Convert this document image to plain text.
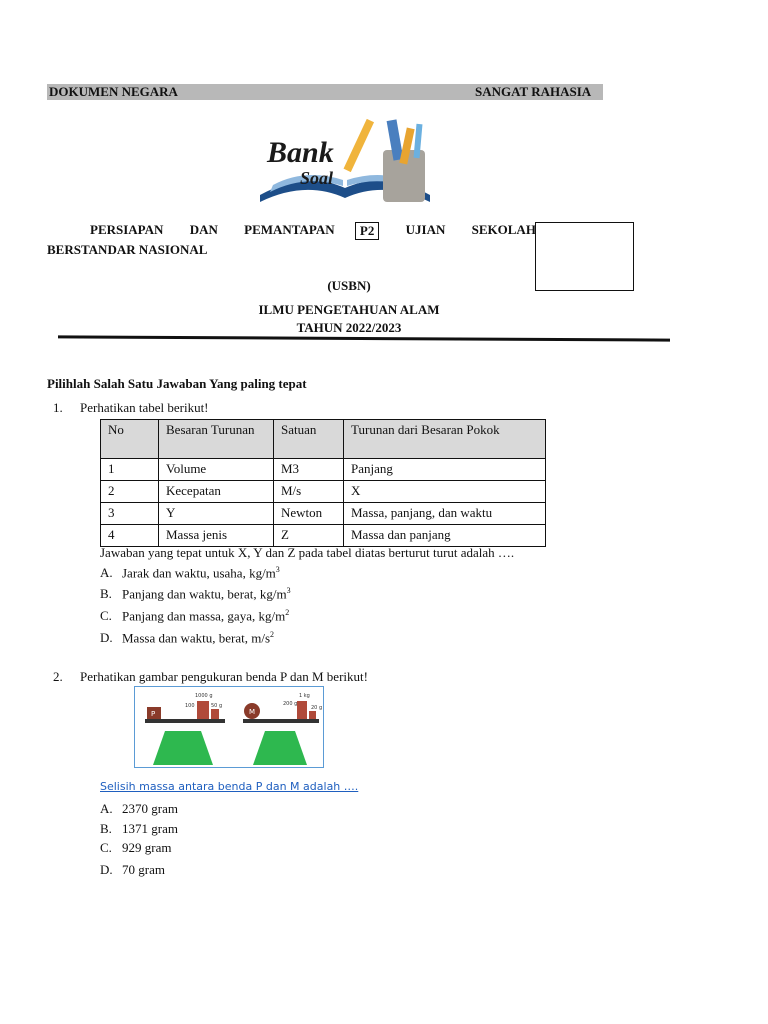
DOKUMEN NEGARA	SANGAT RAHASIA
Bank
Soal
PERSIAPAN DAN PEMANTAPAN	P2	UJIAN SEKOLAH
BERSTANDAR NASIONAL
(USBN)
ILMU PENGETAHUAN ALAM
TAHUN 2022/2023
Pilihlah Salah Satu Jawaban Yang paling tepat
1. Perhatikan tabel berikut!
No	Besaran Turunan	Satuan	Turunan dari Besaran Pokok
1	Volume	M3	Panjang
2	Kecepatan	M/s	X
3	Y	Newton	Massa, panjang, dan waktu
4	Massa jenis	Z	Massa dan panjang
Jawaban yang tepat untuk X, Y dan Z pada tabel diatas berturut turut adalah ….
A. Jarak dan waktu, usaha, $kg/m^3$
B. Panjang dan waktu, berat, $kg/m^3$
C. Panjang dan massa, gaya, $kg/m^2$
D. Massa dan waktu, berat, $m/s^2$
2. Perhatikan gambar pengukuran benda P dan M berikut!
P
1000 g
100	50 g
M
1 kg
200 g
20 g
Selisih massa antara benda P dan M adalah ….
A. 2370 gram
B. 1371 gram
C. 929 gram
D. 70 gram
